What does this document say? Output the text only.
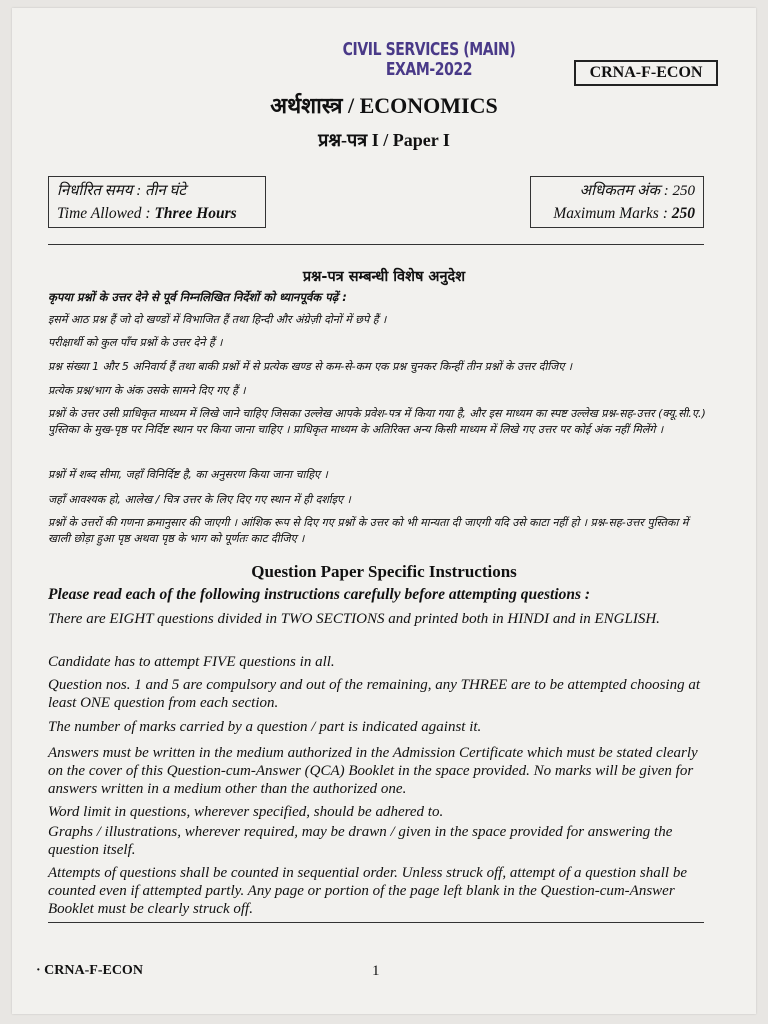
CIVIL SERVICES (MAIN) EXAM-2022	CRNA-F-ECON
अर्थशास्त्र / ECONOMICS
प्रश्न-पत्र I / Paper I
निर्धारित समय : तीन घंटे
Time Allowed : Three Hours
अधिकतम अंक : 250
Maximum Marks : 250
प्रश्न-पत्र सम्बन्धी विशेष अनुदेश
कृपया प्रश्नों के उत्तर देने से पूर्व निम्नलिखित निर्देशों को ध्यानपूर्वक पढ़ें :
इसमें आठ प्रश्न हैं जो दो खण्डों में विभाजित हैं तथा हिन्दी और अंग्रेज़ी दोनों में छपे हैं ।
परीक्षार्थी को कुल पाँच प्रश्नों के उत्तर देने हैं ।
प्रश्न संख्या 1 और 5 अनिवार्य हैं तथा बाकी प्रश्नों में से प्रत्येक खण्ड से कम-से-कम एक प्रश्न चुनकर किन्हीं तीन प्रश्नों के उत्तर दीजिए ।
प्रत्येक प्रश्न/भाग के अंक उसके सामने दिए गए हैं ।
प्रश्नों के उत्तर उसी प्राधिकृत माध्यम में लिखे जाने चाहिए जिसका उल्लेख आपके प्रवेश-पत्र में किया गया है, और इस माध्यम का स्पष्ट उल्लेख प्रश्न-सह-उत्तर (क्यू.सी.ए.) पुस्तिका के मुख-पृष्ठ पर निर्दिष्ट स्थान पर किया जाना चाहिए । प्राधिकृत माध्यम के अतिरिक्त अन्य किसी माध्यम में लिखे गए उत्तर पर कोई अंक नहीं मिलेंगे ।
प्रश्नों में शब्द सीमा, जहाँ विनिर्दिष्ट है, का अनुसरण किया जाना चाहिए ।
जहाँ आवश्यक हो, आलेख / चित्र उत्तर के लिए दिए गए स्थान में ही दर्शाइए ।
प्रश्नों के उत्तरों की गणना क्रमानुसार की जाएगी । आंशिक रूप से दिए गए प्रश्नों के उत्तर को भी मान्यता दी जाएगी यदि उसे काटा नहीं हो । प्रश्न-सह-उत्तर पुस्तिका में खाली छोड़ा हुआ पृष्ठ अथवा पृष्ठ के भाग को पूर्णतः काट दीजिए ।
Question Paper Specific Instructions
Please read each of the following instructions carefully before attempting questions :
There are EIGHT questions divided in TWO SECTIONS and printed both in HINDI and in ENGLISH.
Candidate has to attempt FIVE questions in all.
Question nos. 1 and 5 are compulsory and out of the remaining, any THREE are to be attempted choosing at least ONE question from each section.
The number of marks carried by a question / part is indicated against it.
Answers must be written in the medium authorized in the Admission Certificate which must be stated clearly on the cover of this Question-cum-Answer (QCA) Booklet in the space provided. No marks will be given for answers written in a medium other than the authorized one.
Word limit in questions, wherever specified, should be adhered to.
Graphs / illustrations, wherever required, may be drawn / given in the space provided for answering the question itself.
Attempts of questions shall be counted in sequential order. Unless struck off, attempt of a question shall be counted even if attempted partly. Any page or portion of the page left blank in the Question-cum-Answer Booklet must be clearly struck off.
· CRNA-F-ECON	1
